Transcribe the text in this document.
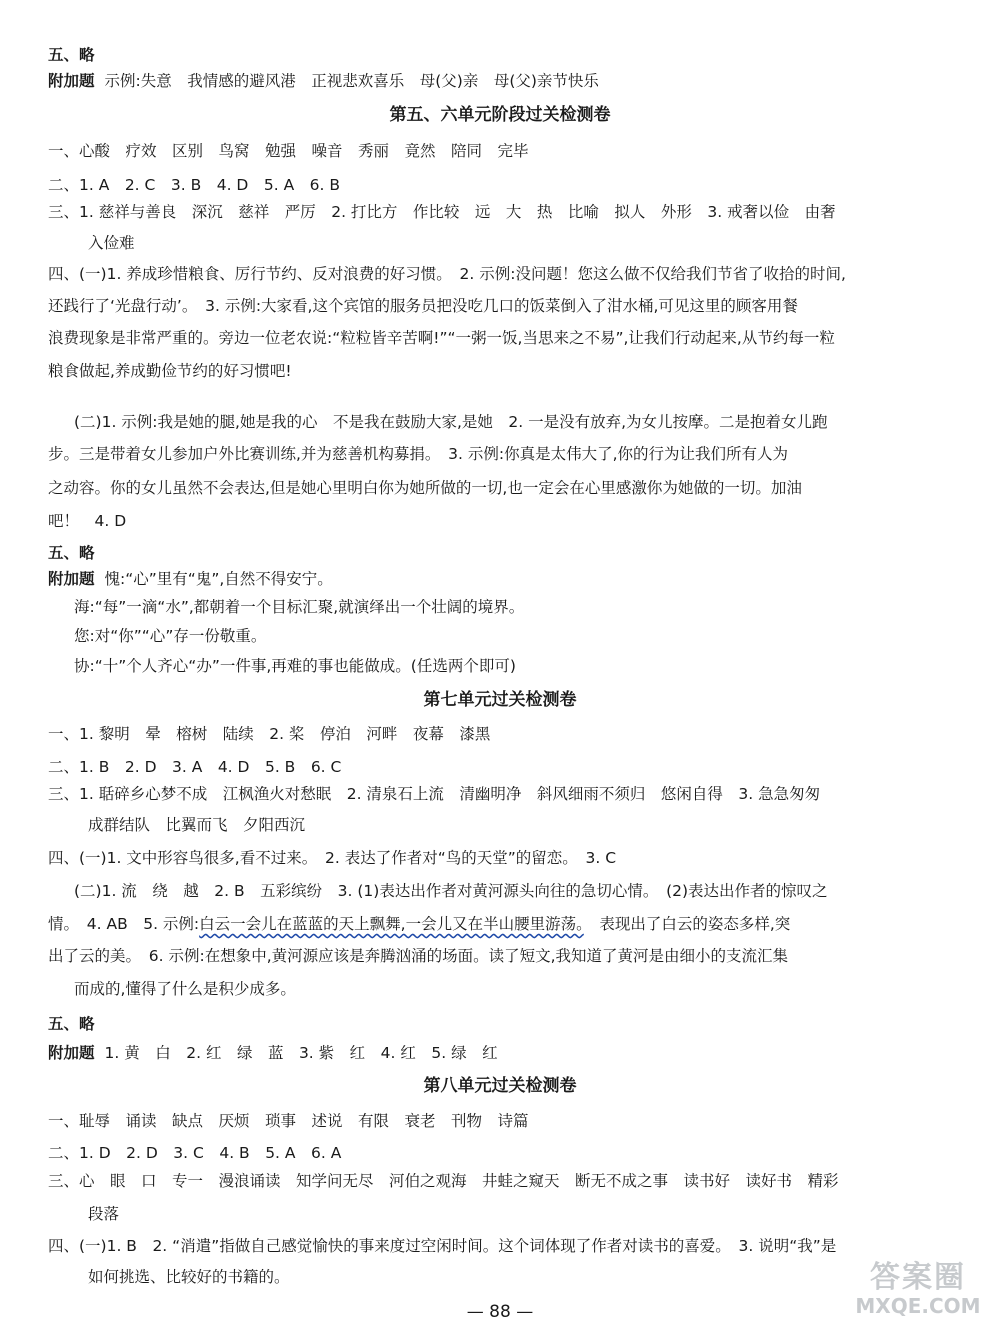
五、略
附加题 示例:失意　我情感的避风港　正视悲欢喜乐　母(父)亲　母(父)亲节快乐
第五、六单元阶段过关检测卷
一、心酸　疗效　区别　鸟窝　勉强　噪音　秀丽　竟然　陪同　完毕
二、1. A　2. C　3. B　4. D　5. A　6. B
三、1. 慈祥与善良　深沉　慈祥　严厉　2. 打比方　作比较　远　大　热　比喻　拟人　外形　3. 戒奢以俭　由奢
入俭难
四、(一)1. 养成珍惜粮食、厉行节约、反对浪费的好习惯。　2. 示例:没问题！您这么做不仅给我们节省了收拾的时间,
还践行了‘光盘行动’。　3. 示例:大家看,这个宾馆的服务员把没吃几口的饭菜倒入了泔水桶,可见这里的顾客用餐
浪费现象是非常严重的。旁边一位老农说:“粒粒皆辛苦啊!”“一粥一饭,当思来之不易”,让我们行动起来,从节约每一粒
粮食做起,养成勤俭节约的好习惯吧!
(二)1. 示例:我是她的腿,她是我的心　不是我在鼓励大家,是她　2. 一是没有放弃,为女儿按摩。二是抱着女儿跑
步。三是带着女儿参加户外比赛训练,并为慈善机构募捐。　3. 示例:你真是太伟大了,你的行为让我们所有人为
之动容。你的女儿虽然不会表达,但是她心里明白你为她所做的一切,也一定会在心里感激你为她做的一切。加油
吧！　4. D
五、略
附加题 愧:“心”里有“鬼”,自然不得安宁。
海:“每”一滴“水”,都朝着一个目标汇聚,就演绎出一个壮阔的境界。
您:对“你”“心”存一份敬重。
协:“十”个人齐心“办”一件事,再难的事也能做成。(任选两个即可)
第七单元过关检测卷
一、1. 黎明　晕　榕树　陆续　2. 桨　停泊　河畔　夜幕　漆黑
二、1. B　2. D　3. A　4. D　5. B　6. C
三、1. 聒碎乡心梦不成　江枫渔火对愁眠　2. 清泉石上流　清幽明净　斜风细雨不须归　悠闲自得　3. 急急匆匆
成群结队　比翼而飞　夕阳西沉
四、(一)1. 文中形容鸟很多,看不过来。　2. 表达了作者对“鸟的天堂”的留恋。　3. C
(二)1. 流　绕　越　2. B　五彩缤纷　3. (1)表达出作者对黄河源头向往的急切心情。　(2)表达出作者的惊叹之
情。　4. AB　5. 示例:白云一会儿在蓝蓝的天上飘舞,一会儿又在半山腰里游荡。　表现出了白云的姿态多样,突
出了云的美。　6. 示例:在想象中,黄河源应该是奔腾汹涌的场面。读了短文,我知道了黄河是由细小的支流汇集
而成的,懂得了什么是积少成多。
五、略
附加题 1. 黄　白　2. 红　绿　蓝　3. 紫　红　4. 红　5. 绿　红
第八单元过关检测卷
一、耻辱　诵读　缺点　厌烦　琐事　述说　有限　衰老　刊物　诗篇
二、1. D　2. D　3. C　4. B　5. A　6. A
三、心　眼　口　专一　漫浪诵读　知学问无尽　河伯之观海　井蛙之窥天　断无不成之事　读书好　读好书　精彩
段落
四、(一)1. B　2. “消遣”指做自己感觉愉快的事来度过空闲时间。这个词体现了作者对读书的喜爱。　3. 说明“我”是
如何挑选、比较好的书籍的。
— 88 —
答案圈
MXQE.COM
